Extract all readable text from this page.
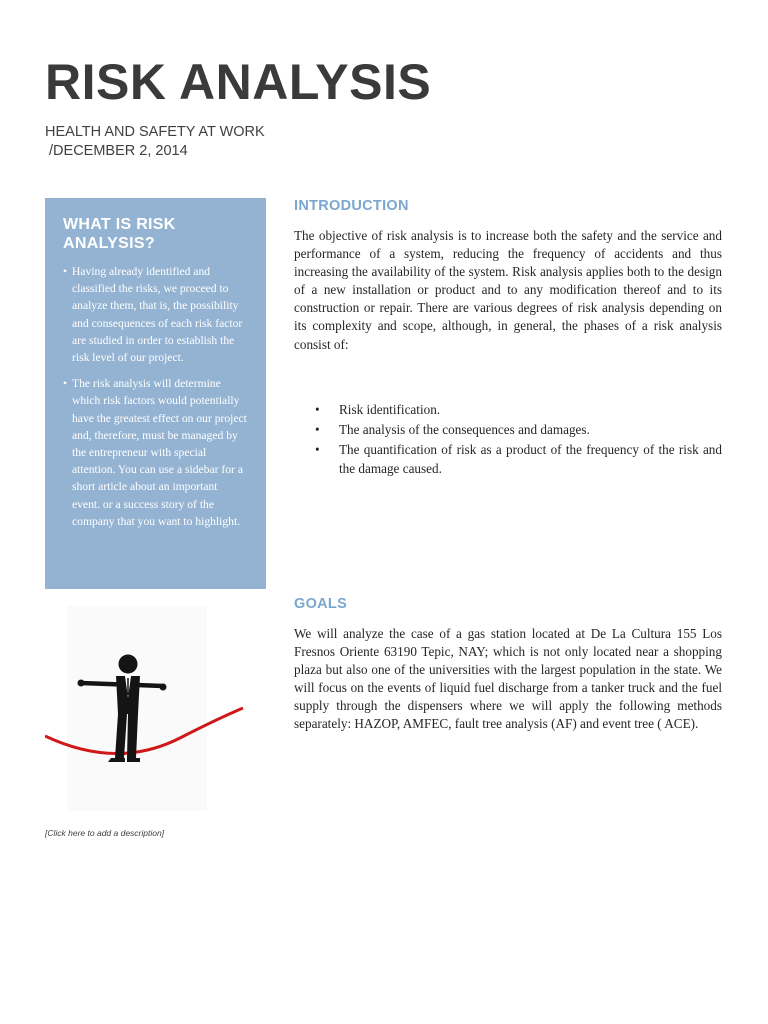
RISK ANALYSIS
HEALTH AND SAFETY AT WORK
/DECEMBER 2, 2014
WHAT IS RISK
ANALYSIS?
• Having already identified and classified the risks, we proceed to analyze them, that is, the possibility and consequences of each risk factor are studied in order to establish the risk level of our project.
• The risk analysis will determine which risk factors would potentially have the greatest effect on our project and, therefore, must be managed by the entrepreneur with special attention. You can use a sidebar for a short article about an important event. or a success story of the company that you want to highlight.
INTRODUCTION

The objective of risk analysis is to increase both the safety and the service and performance of a system, reducing the frequency of accidents and thus increasing the availability of the system. Risk analysis applies both to the design of a new installation or product and to any modification thereof and to its construction or repair. There are various degrees of risk analysis depending on its complexity and scope, although, in general, the phases of a risk analysis consist of:

• Risk identification.
• The analysis of the consequences and damages.
• The quantification of risk as a product of the frequency of the risk and the damage caused.
GOALS

We will analyze the case of a gas station located at De La Cultura 155 Los Fresnos Oriente 63190 Tepic, NAY; which is not only located near a shopping plaza but also one of the universities with the largest population in the state. We will focus on the events of liquid fuel discharge from a tanker truck and the fuel supply through the dispensers where we will apply the following methods separately: HAZOP, AMFEC, fault tree analysis (AF) and event tree ( ACE).

[Click here to add a description]
